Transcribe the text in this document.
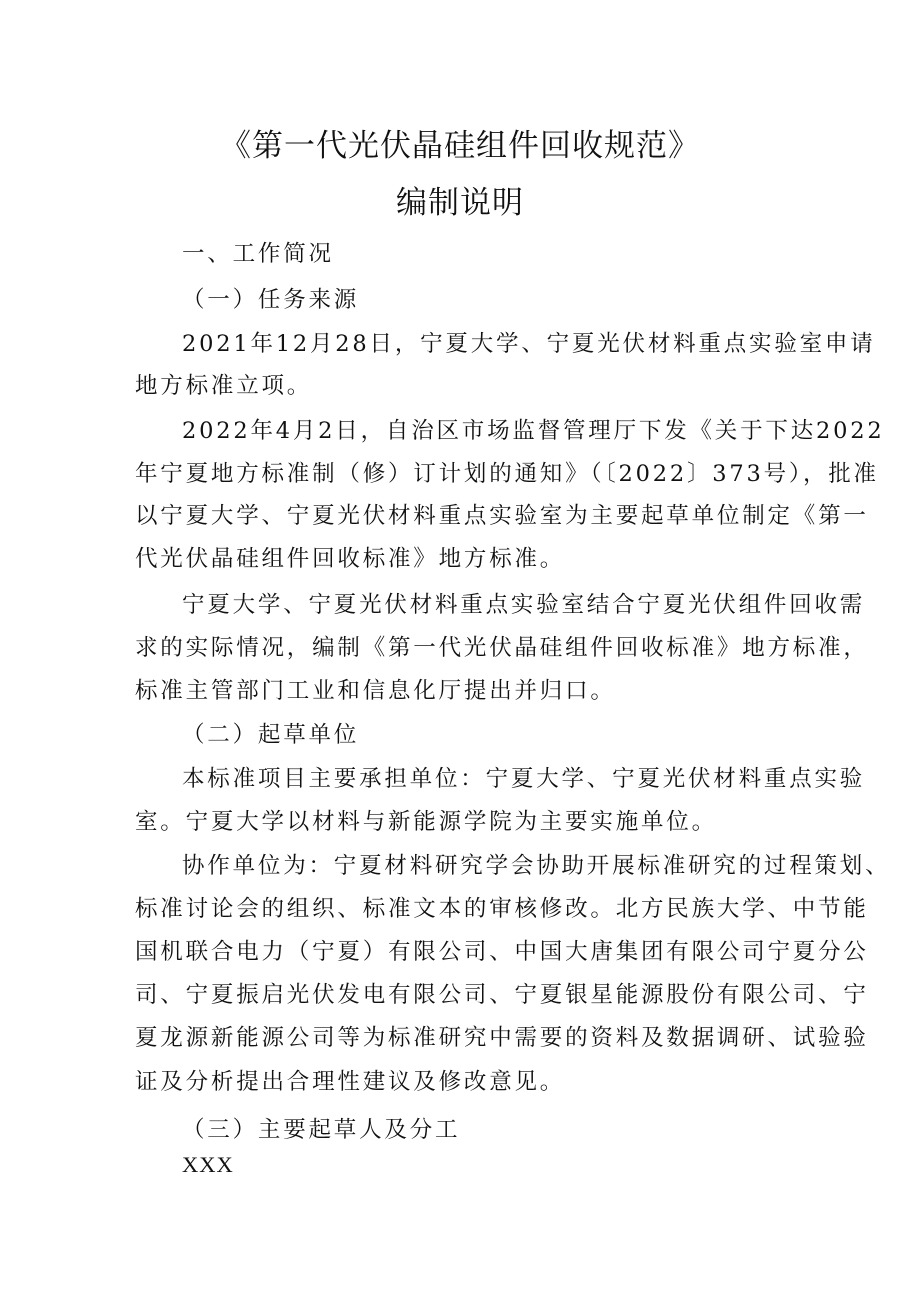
《第一代光伏晶硅组件回收规范》
编制说明

一、工作简况

（一）任务来源

2021年12月28日，宁夏大学、宁夏光伏材料重点实验室申请

地方标准立项。

2022年4月2日，自治区市场监督管理厅下发《关于下达2022

年宁夏地方标准制（修）订计划的通知》（〔2022〕373号），批准

以宁夏大学、宁夏光伏材料重点实验室为主要起草单位制定《第一

代光伏晶硅组件回收标准》地方标准。

宁夏大学、宁夏光伏材料重点实验室结合宁夏光伏组件回收需

求的实际情况，编制《第一代光伏晶硅组件回收标准》地方标准，

标准主管部门工业和信息化厅提出并归口。

（二）起草单位

本标准项目主要承担单位：宁夏大学、宁夏光伏材料重点实验

室。宁夏大学以材料与新能源学院为主要实施单位。

协作单位为：宁夏材料研究学会协助开展标准研究的过程策划、

标准讨论会的组织、标准文本的审核修改。北方民族大学、中节能

国机联合电力（宁夏）有限公司、中国大唐集团有限公司宁夏分公

司、宁夏振启光伏发电有限公司、宁夏银星能源股份有限公司、宁

夏龙源新能源公司等为标准研究中需要的资料及数据调研、试验验

证及分析提出合理性建议及修改意见。

（三）主要起草人及分工

XXX
